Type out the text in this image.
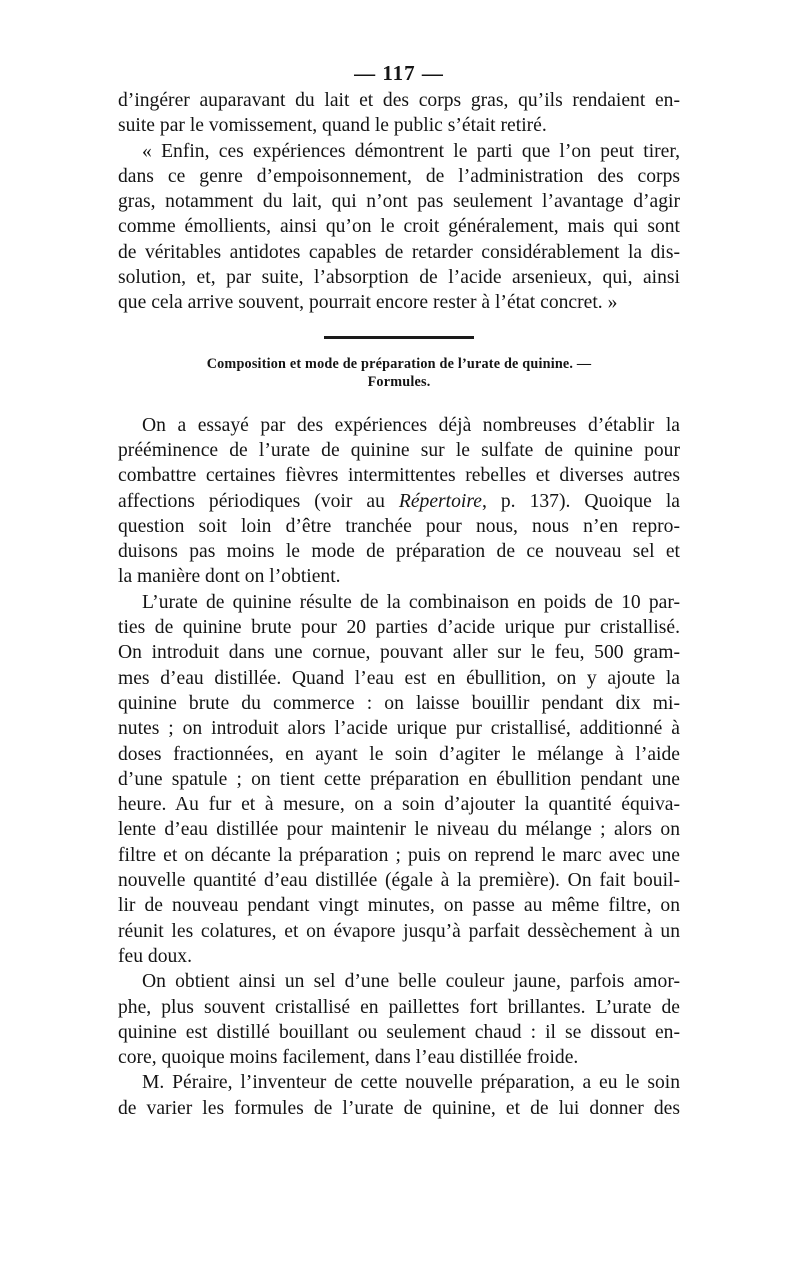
— 117 —

d’ingérer auparavant du lait et des corps gras, qu’ils rendaient en-
suite par le vomissement, quand le public s’était retiré.

« Enfin, ces expériences démontrent le parti que l’on peut tirer,
dans ce genre d’empoisonnement, de l’administration des corps
gras, notamment du lait, qui n’ont pas seulement l’avantage d’agir
comme émollients, ainsi qu’on le croit généralement, mais qui sont
de véritables antidotes capables de retarder considérablement la dis-
solution, et, par suite, l’absorption de l’acide arsenieux, qui, ainsi
que cela arrive souvent, pourrait encore rester à l’état concret. »

Composition et mode de préparation de l’urate de quinine. —
Formules.

On a essayé par des expériences déjà nombreuses d’établir la
prééminence de l’urate de quinine sur le sulfate de quinine pour
combattre certaines fièvres intermittentes rebelles et diverses autres
affections périodiques (voir au Répertoire, p. 137). Quoique la
question soit loin d’être tranchée pour nous, nous n’en repro-
duisons pas moins le mode de préparation de ce nouveau sel et
la manière dont on l’obtient.

L’urate de quinine résulte de la combinaison en poids de 10 par-
ties de quinine brute pour 20 parties d’acide urique pur cristallisé.
On introduit dans une cornue, pouvant aller sur le feu, 500 gram-
mes d’eau distillée. Quand l’eau est en ébullition, on y ajoute la
quinine brute du commerce : on laisse bouillir pendant dix mi-
nutes ; on introduit alors l’acide urique pur cristallisé, additionné à
doses fractionnées, en ayant le soin d’agiter le mélange à l’aide
d’une spatule ; on tient cette préparation en ébullition pendant une
heure. Au fur et à mesure, on a soin d’ajouter la quantité équiva-
lente d’eau distillée pour maintenir le niveau du mélange ; alors on
filtre et on décante la préparation ; puis on reprend le marc avec une
nouvelle quantité d’eau distillée (égale à la première). On fait bouil-
lir de nouveau pendant vingt minutes, on passe au même filtre, on
réunit les colatures, et on évapore jusqu’à parfait dessèchement à un
feu doux.

On obtient ainsi un sel d’une belle couleur jaune, parfois amor-
phe, plus souvent cristallisé en paillettes fort brillantes. L’urate de
quinine est distillé bouillant ou seulement chaud : il se dissout en-
core, quoique moins facilement, dans l’eau distillée froide.

M. Péraire, l’inventeur de cette nouvelle préparation, a eu le soin
de varier les formules de l’urate de quinine, et de lui donner des
